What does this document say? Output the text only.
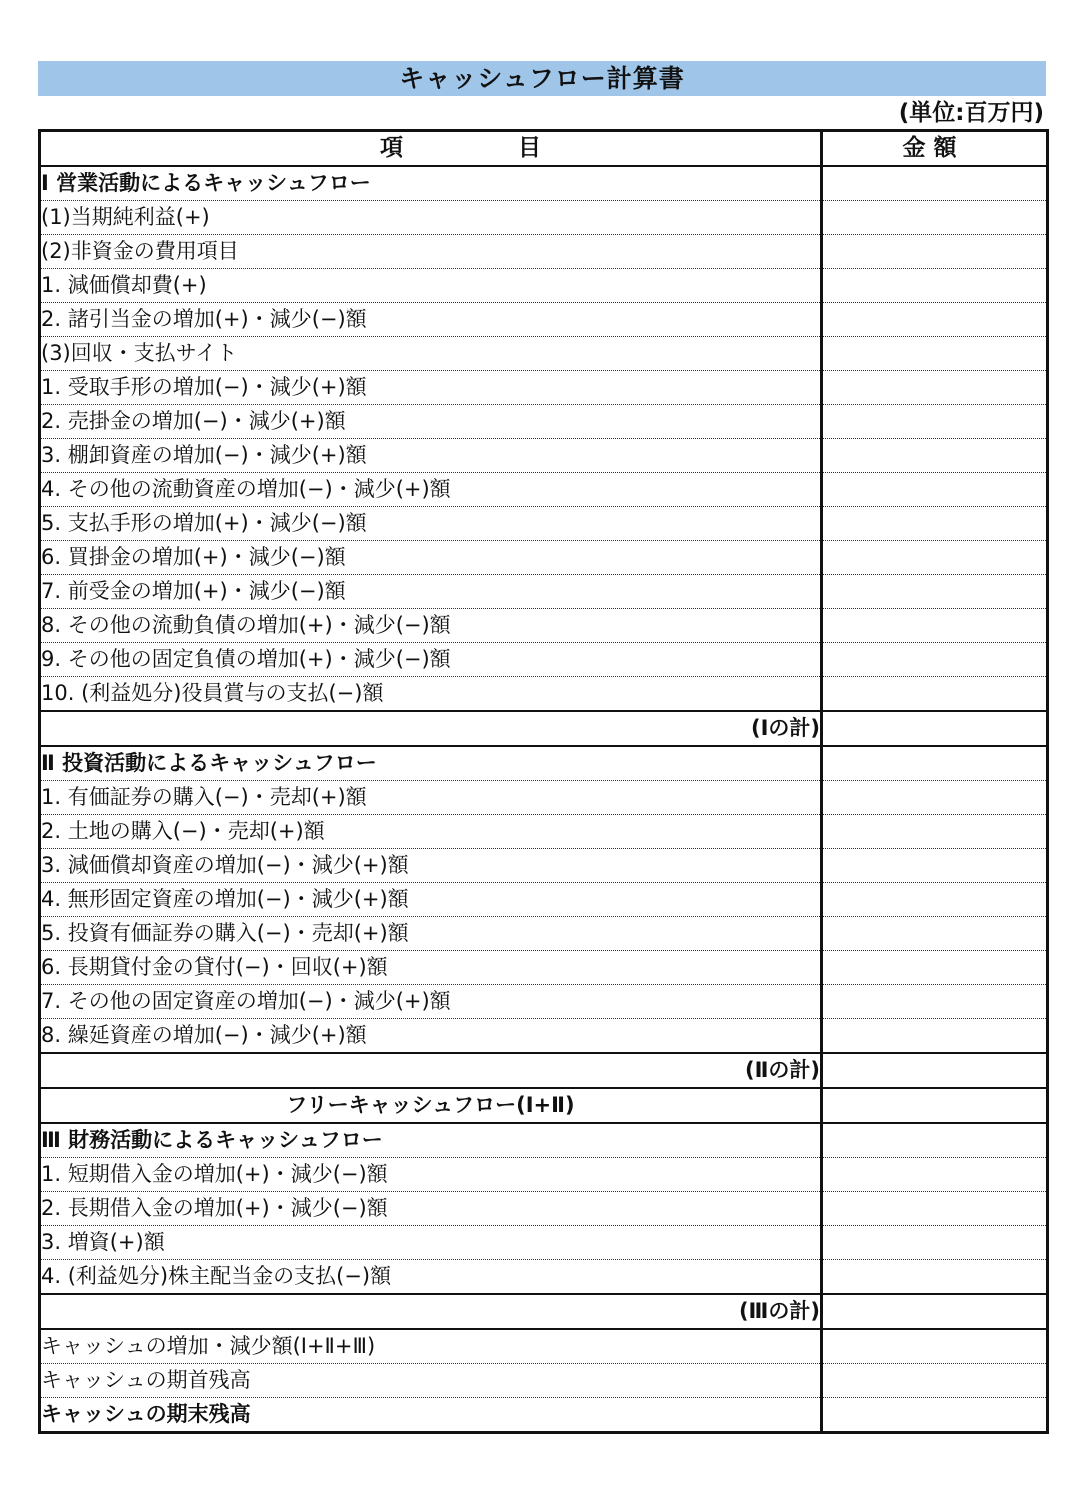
キャッシュフロー計算書
(単位:百万円)
項　　　　　目	金 額

Ⅰ 営業活動によるキャッシュフロー	
(1)当期純利益(+)	
(2)非資金の費用項目	
1. 減価償却費(+)	
2. 諸引当金の増加(+)・減少(−)額	
(3)回収・支払サイト	
1. 受取手形の増加(−)・減少(+)額	
2. 売掛金の増加(−)・減少(+)額	
3. 棚卸資産の増加(−)・減少(+)額	
4. その他の流動資産の増加(−)・減少(+)額	
5. 支払手形の増加(+)・減少(−)額	
6. 買掛金の増加(+)・減少(−)額	
7. 前受金の増加(+)・減少(−)額	
8. その他の流動負債の増加(+)・減少(−)額	
9. その他の固定負債の増加(+)・減少(−)額	
10. (利益処分)役員賞与の支払(−)額	
(Ⅰの計)	
Ⅱ 投資活動によるキャッシュフロー	
1. 有価証券の購入(−)・売却(+)額	
2. 土地の購入(−)・売却(+)額	
3. 減価償却資産の増加(−)・減少(+)額	
4. 無形固定資産の増加(−)・減少(+)額	
5. 投資有価証券の購入(−)・売却(+)額	
6. 長期貸付金の貸付(−)・回収(+)額	
7. その他の固定資産の増加(−)・減少(+)額	
8. 繰延資産の増加(−)・減少(+)額	
(Ⅱの計)	
フリーキャッシュフロー(Ⅰ+Ⅱ)	
Ⅲ 財務活動によるキャッシュフロー	
1. 短期借入金の増加(+)・減少(−)額	
2. 長期借入金の増加(+)・減少(−)額	
3. 増資(+)額	
4. (利益処分)株主配当金の支払(−)額	
(Ⅲの計)	
キャッシュの増加・減少額(Ⅰ+Ⅱ+Ⅲ)	
キャッシュの期首残高	
キャッシュの期末残高	
